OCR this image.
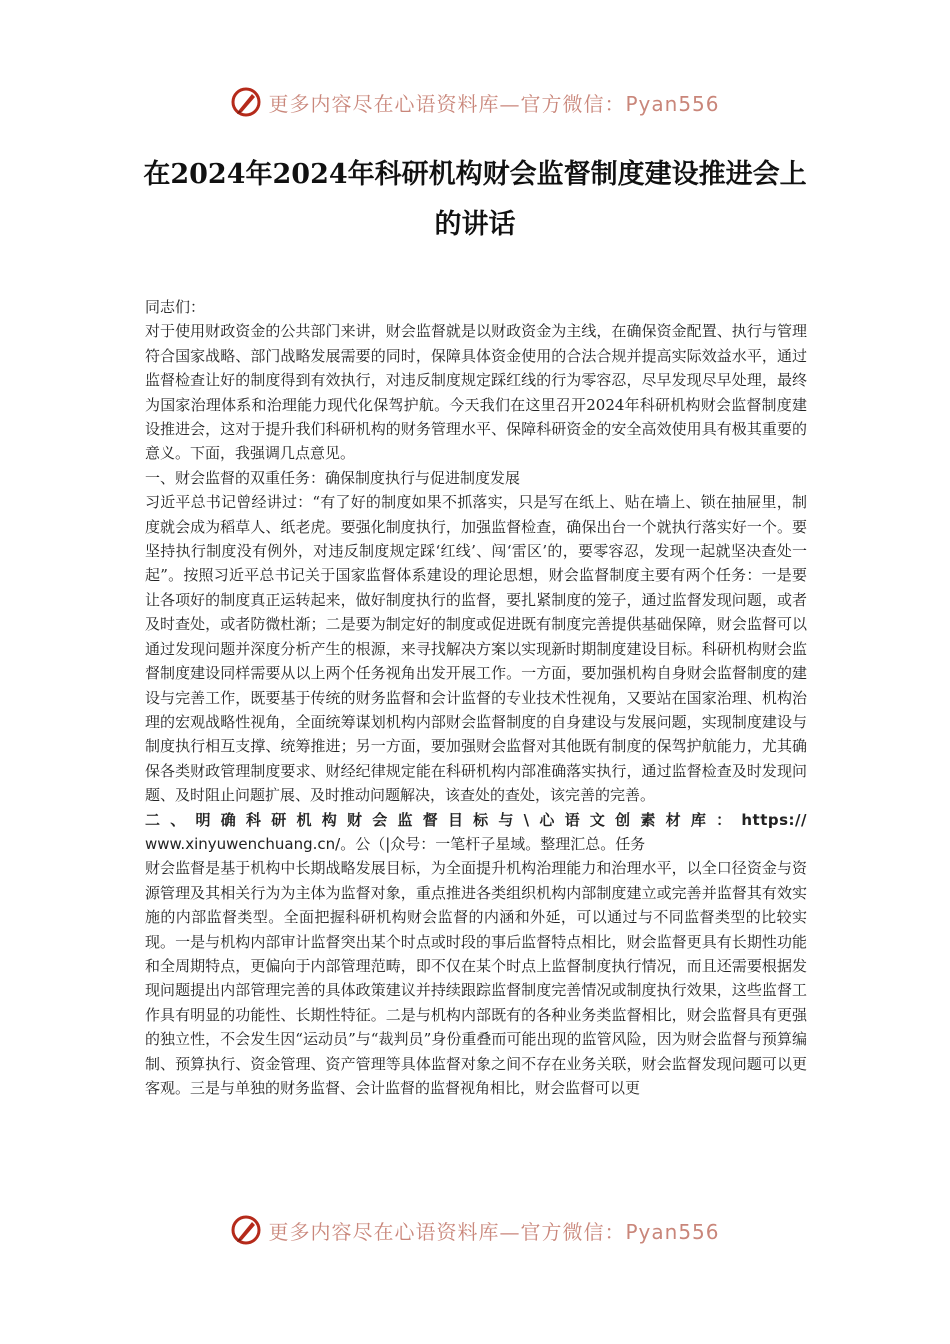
更多内容尽在心语资料库—官方微信：Pyan556
在2024年2024年科研机构财会监督制度建设推进会上的讲话

同志们：

对于使用财政资金的公共部门来讲，财会监督就是以财政资金为主线，在确保资金配置、执行与管理符合国家战略、部门战略发展需要的同时，保障具体资金使用的合法合规并提高实际效益水平，通过监督检查让好的制度得到有效执行，对违反制度规定踩红线的行为零容忍，尽早发现尽早处理，最终为国家治理体系和治理能力现代化保驾护航。今天我们在这里召开2024年科研机构财会监督制度建设推进会，这对于提升我们科研机构的财务管理水平、保障科研资金的安全高效使用具有极其重要的意义。下面，我强调几点意见。

一、财会监督的双重任务：确保制度执行与促进制度发展

习近平总书记曾经讲过：“有了好的制度如果不抓落实，只是写在纸上、贴在墙上、锁在抽屉里，制度就会成为稻草人、纸老虎。要强化制度执行，加强监督检查，确保出台一个就执行落实好一个。要坚持执行制度没有例外，对违反制度规定踩‘红线’、闯‘雷区’的，要零容忍，发现一起就坚决查处一起”。按照习近平总书记关于国家监督体系建设的理论思想，财会监督制度主要有两个任务：一是要让各项好的制度真正运转起来，做好制度执行的监督，要扎紧制度的笼子，通过监督发现问题，或者及时查处，或者防微杜渐；二是要为制定好的制度或促进既有制度完善提供基础保障，财会监督可以通过发现问题并深度分析产生的根源，来寻找解决方案以实现新时期制度建设目标。科研机构财会监督制度建设同样需要从以上两个任务视角出发开展工作。一方面，要加强机构自身财会监督制度的建设与完善工作，既要基于传统的财务监督和会计监督的专业技术性视角，又要站在国家治理、机构治理的宏观战略性视角，全面统筹谋划机构内部财会监督制度的自身建设与发展问题，实现制度建设与制度执行相互支撑、统筹推进；另一方面，要加强财会监督对其他既有制度的保驾护航能力，尤其确保各类财政管理制度要求、财经纪律规定能在科研机构内部准确落实执行，通过监督检查及时发现问题、及时阻止问题扩展、及时推动问题解决，该查处的查处，该完善的完善。

二、明确科研机构财会监督目标与\心语文创素材库：https://

www.xinyuwenchuang.cn/。公（|众号：一笔杆子星域。整理汇总。任务

财会监督是基于机构中长期战略发展目标，为全面提升机构治理能力和治理水平，以全口径资金与资源管理及其相关行为为主体为监督对象，重点推进各类组织机构内部制度建立或完善并监督其有效实施的内部监督类型。全面把握科研机构财会监督的内涵和外延，可以通过与不同监督类型的比较实现。一是与机构内部审计监督突出某个时点或时段的事后监督特点相比，财会监督更具有长期性功能和全周期特点，更偏向于内部管理范畴，即不仅在某个时点上监督制度执行情况，而且还需要根据发现问题提出内部管理完善的具体政策建议并持续跟踪监督制度完善情况或制度执行效果，这些监督工作具有明显的功能性、长期性特征。二是与机构内部既有的各种业务类监督相比，财会监督具有更强的独立性，不会发生因“运动员”与“裁判员”身份重叠而可能出现的监管风险，因为财会监督与预算编制、预算执行、资金管理、资产管理等具体监督对象之间不存在业务关联，财会监督发现问题可以更客观。三是与单独的财务监督、会计监督的监督视角相比，财会监督可以更

更多内容尽在心语资料库—官方微信：Pyan556
